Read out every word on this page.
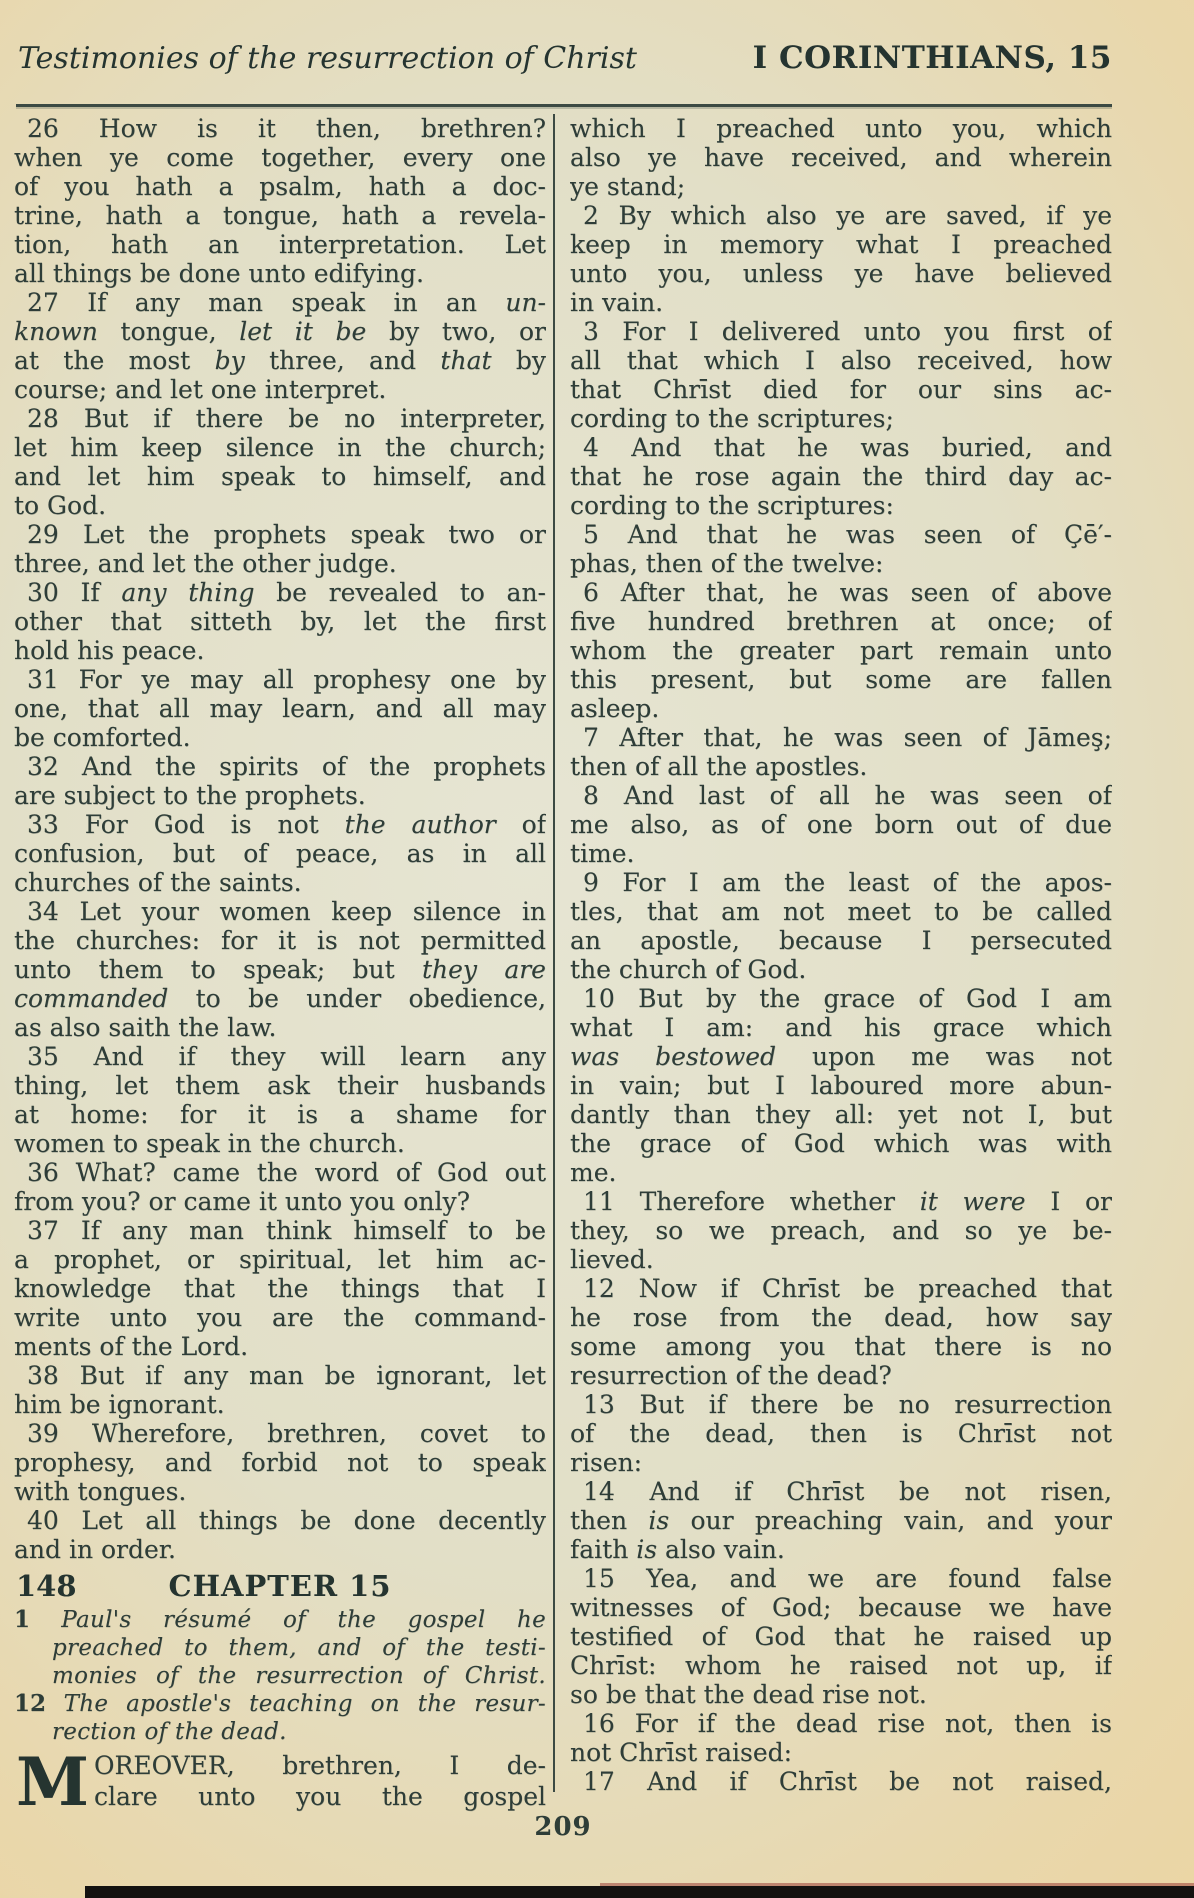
Testimonies of the resurrection of Christ	I CORINTHIANS, 15
26 How is it then, brethren?
when ye come together, every one
of you hath a psalm, hath a doc-
trine, hath a tongue, hath a revela-
tion, hath an interpretation. Let
all things be done unto edifying.
27 If any man speak in an un-
known tongue, let it be by two, or
at the most by three, and that by
course; and let one interpret.
28 But if there be no interpreter,
let him keep silence in the church;
and let him speak to himself, and
to God.
29 Let the prophets speak two or
three, and let the other judge.
30 If any thing be revealed to an-
other that sitteth by, let the first
hold his peace.
31 For ye may all prophesy one by
one, that all may learn, and all may
be comforted.
32 And the spirits of the prophets
are subject to the prophets.
33 For God is not the author of
confusion, but of peace, as in all
churches of the saints.
34 Let your women keep silence in
the churches: for it is not permitted
unto them to speak; but they are
commanded to be under obedience,
as also saith the law.
35 And if they will learn any
thing, let them ask their husbands
at home: for it is a shame for
women to speak in the church.
36 What? came the word of God out
from you? or came it unto you only?
37 If any man think himself to be
a prophet, or spiritual, let him ac-
knowledge that the things that I
write unto you are the command-
ments of the Lord.
38 But if any man be ignorant, let
him be ignorant.
39 Wherefore, brethren, covet to
prophesy, and forbid not to speak
with tongues.
40 Let all things be done decently
and in order.
148	CHAPTER 15
1 Paul's résumé of the gospel he
preached to them, and of the testi-
monies of the resurrection of Christ.
12 The apostle's teaching on the resur-
rection of the dead.
M OREOVER, brethren, I de-
clare unto you the gospel
which I preached unto you, which
also ye have received, and wherein
ye stand;
2 By which also ye are saved, if ye
keep in memory what I preached
unto you, unless ye have believed
in vain.
3 For I delivered unto you first of
all that which I also received, how
that Chrīst died for our sins ac-
cording to the scriptures;
4 And that he was buried, and
that he rose again the third day ac-
cording to the scriptures:
5 And that he was seen of Çē′-
phas, then of the twelve:
6 After that, he was seen of above
five hundred brethren at once; of
whom the greater part remain unto
this present, but some are fallen
asleep.
7 After that, he was seen of Jāmeş;
then of all the apostles.
8 And last of all he was seen of
me also, as of one born out of due
time.
9 For I am the least of the apos-
tles, that am not meet to be called
an apostle, because I persecuted
the church of God.
10 But by the grace of God I am
what I am: and his grace which
was bestowed upon me was not
in vain; but I laboured more abun-
dantly than they all: yet not I, but
the grace of God which was with
me.
11 Therefore whether it were I or
they, so we preach, and so ye be-
lieved.
12 Now if Chrīst be preached that
he rose from the dead, how say
some among you that there is no
resurrection of the dead?
13 But if there be no resurrection
of the dead, then is Chrīst not
risen:
14 And if Chrīst be not risen,
then is our preaching vain, and your
faith is also vain.
15 Yea, and we are found false
witnesses of God; because we have
testified of God that he raised up
Chrīst: whom he raised not up, if
so be that the dead rise not.
16 For if the dead rise not, then is
not Chrīst raised:
17 And if Chrīst be not raised,
209
